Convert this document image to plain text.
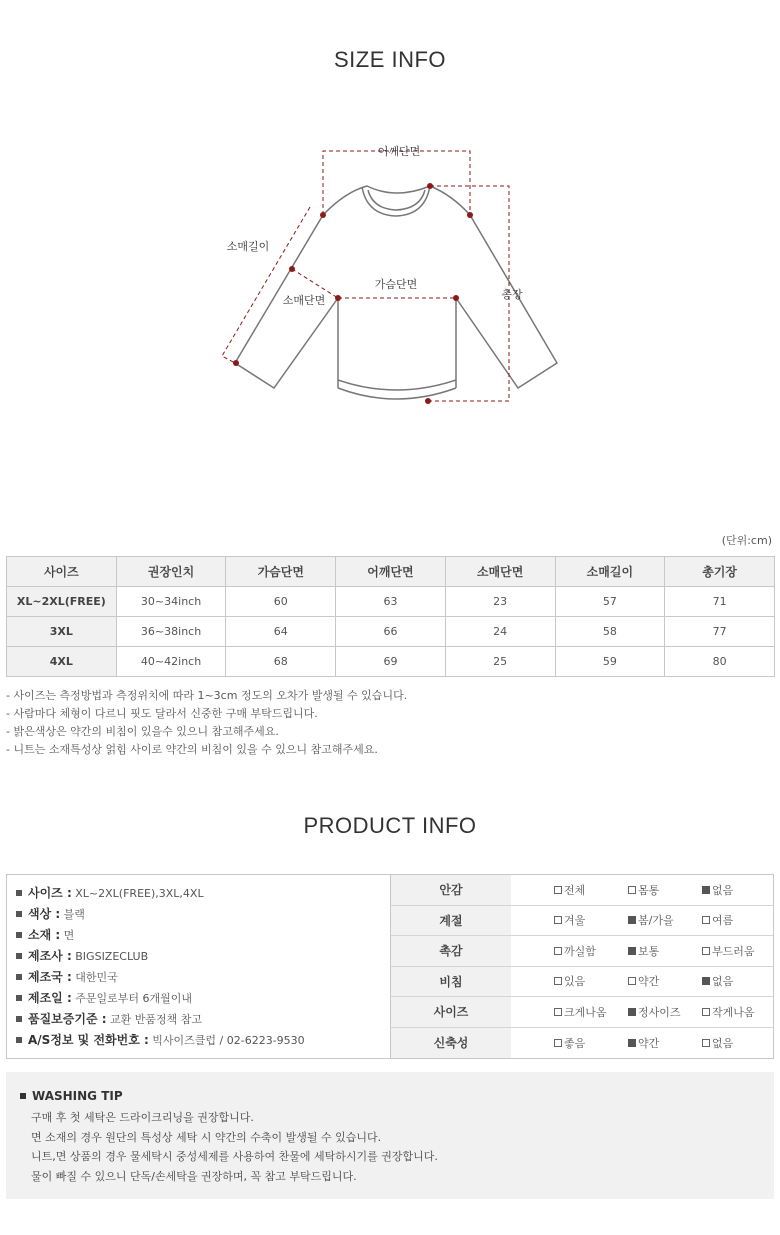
SIZE INFO
어깨단면
소매길이
가슴단면
소매단면	총장
(단위:cm)
사이즈	권장인치	가슴단면	어깨단면	소매단면	소매길이	총기장
XL~2XL(FREE)	30~34inch	60	63	23	57	71
3XL	36~38inch	64	66	24	58	77
4XL	40~42inch	68	69	25	59	80
- 사이즈는 측정방법과 측정위치에 따라 1~3cm 정도의 오차가 발생될 수 있습니다.
- 사람마다 체형이 다르니 핏도 달라서 신중한 구매 부탁드립니다.
- 밝은색상은 약간의 비침이 있을수 있으니 참고해주세요.
- 니트는 소재특성상 얽힘 사이로 약간의 비침이 있을 수 있으니 참고해주세요.
PRODUCT INFO
사이즈 : XL~2XL(FREE),3XL,4XL
색상 : 블랙
소재 : 면
제조사 : BIGSIZECLUB
제조국 : 대한민국
제조일 : 주문일로부터 6개월이내
품질보증기준 : 교환 반품정책 참고
A/S정보 및 전화번호 : 빅사이즈클럽 / 02-6223-9530
안감	전체	몸통	없음
계절	겨울	봄/가을	여름
촉감	까실함	보통	부드러움
비침	있음	약간	없음
사이즈	크게나옴	정사이즈	작게나옴
신축성	좋음	약간	없음
WASHING TIP
구매 후 첫 세탁은 드라이크리닝을 권장합니다.
면 소재의 경우 원단의 특성상 세탁 시 약간의 수축이 발생될 수 있습니다.
니트,면 상품의 경우 물세탁시 중성세제를 사용하여 찬물에 세탁하시기를 권장합니다.
물이 빠질 수 있으니 단독/손세탁을 권장하며, 꼭 참고 부탁드립니다.
